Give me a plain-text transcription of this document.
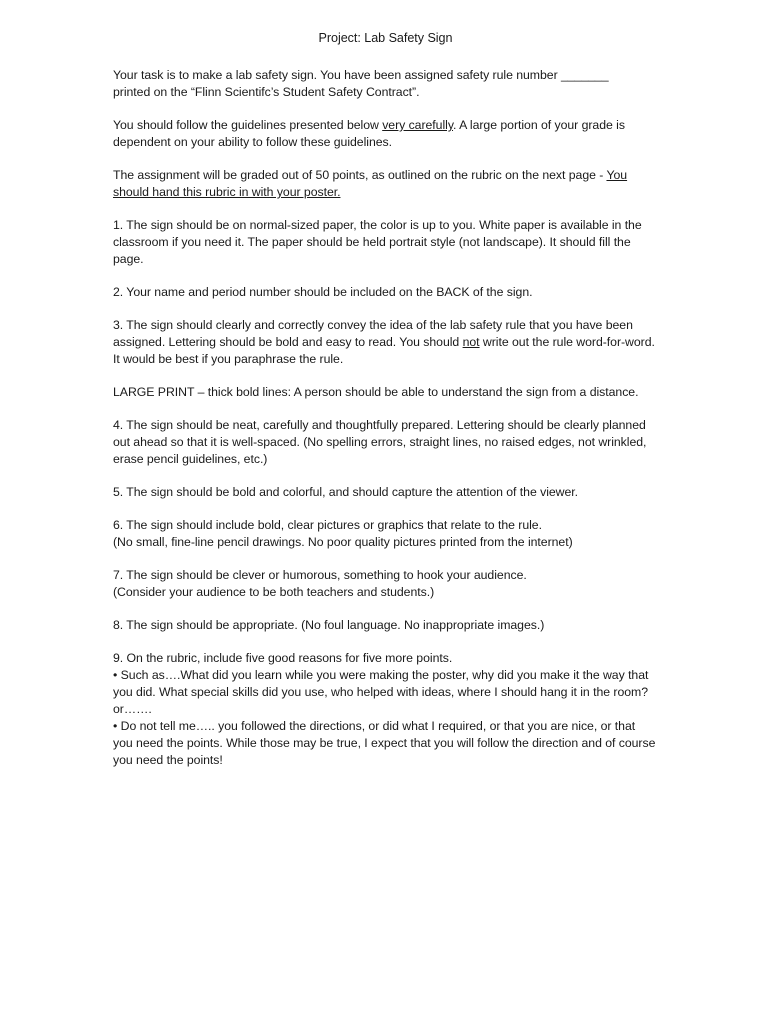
Project: Lab Safety Sign
Your task is to make a lab safety sign. You have been assigned safety rule number _______
printed on the “Flinn Scientifc’s Student Safety Contract”.
You should follow the guidelines presented below very carefully. A large portion of your grade is dependent on your ability to follow these guidelines.
The assignment will be graded out of 50 points, as outlined on the rubric on the next page - You should hand this rubric in with your poster.
1. The sign should be on normal-sized paper, the color is up to you. White paper is available in the classroom if you need it. The paper should be held portrait style (not landscape). It should fill the page.
2. Your name and period number should be included on the BACK of the sign.
3. The sign should clearly and correctly convey the idea of the lab safety rule that you have been assigned. Lettering should be bold and easy to read. You should not write out the rule word-for-word. It would be best if you paraphrase the rule.
LARGE PRINT – thick bold lines: A person should be able to understand the sign from a distance.
4. The sign should be neat, carefully and thoughtfully prepared. Lettering should be clearly planned out ahead so that it is well-spaced. (No spelling errors, straight lines, no raised edges, not wrinkled, erase pencil guidelines, etc.)
5. The sign should be bold and colorful, and should capture the attention of the viewer.
6. The sign should include bold, clear pictures or graphics that relate to the rule.
(No small, fine-line pencil drawings. No poor quality pictures printed from the internet)
7. The sign should be clever or humorous, something to hook your audience.
(Consider your audience to be both teachers and students.)
8. The sign should be appropriate. (No foul language. No inappropriate images.)
9. On the rubric, include five good reasons for five more points.
• Such as….What did you learn while you were making the poster, why did you make it the way that you did. What special skills did you use, who helped with ideas, where I should hang it in the room? or…….
• Do not tell me….. you followed the directions, or did what I required, or that you are nice, or that you need the points. While those may be true, I expect that you will follow the direction and of course you need the points!
